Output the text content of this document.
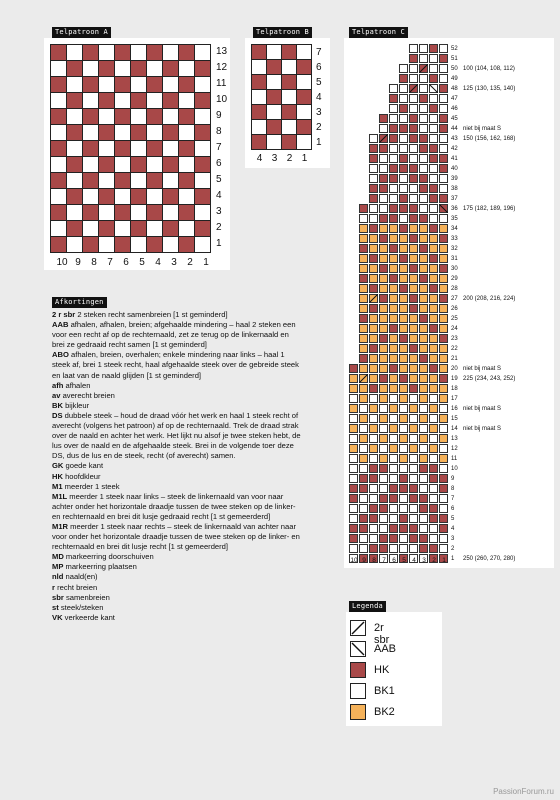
Telpatroon A
13
12
11
10
9
8
7
6
5
4
3
2
1
10 9	8	7	6	5	4	3	2	1
Telpatroon B
7
6
5
4
3
2
1
4 3 2 1
Telpatroon C
52
51
50
49
48
47
46
45
44
43
42
41
40
39
38
37
36
35
34
33
32
31
30
29
28
27
26
25
24
23
22
21
20
19
18
17
16
15
14
13
12
11
10
9
8
7
6
5
4
3
2
1
100 (104, 108, 112)
125 (130, 135, 140)
niet bij maat S
150 (156, 162, 168)
175 (182, 189, 196)
200 (208, 216, 224)
niet bij maat S
225 (234, 243, 252)
niet bij maat S
niet bij maat S
250 (260, 270, 280)
10 9 8 7 6 5 4 3 2 1
Afkortingen

2 r sbr 2 steken recht samenbreien [1 st geminderd]

AAB afhalen, afhalen, breien; afgehaalde mindering – haal 2 steken een voor een recht af op de rechternaald, zet ze terug op de linkernaald en brei ze gedraaid recht samen [1 st geminderd]

ABO afhalen, breien, overhalen; enkele mindering naar links – haal 1 steek af, brei 1 steek recht, haal afgehaalde steek over de gebreide steek en laat van de naald glijden [1 st geminderd]

afh afhalen

av averecht breien

BK bijkleur

DS dubbele steek – houd de draad vóór het werk en haal 1 steek recht of averecht (volgens het patroon) af op de rechternaald. Trek de draad strak over de naald en achter het werk. Het lijkt nu alsof je twee steken hebt, de lus over de naald en de afgehaalde steek. Brei in de volgende toer deze DS, dus de lus en de steek, recht (of averecht) samen.

GK goede kant

HK hoofdkleur

M1 meerder 1 steek

M1L meerder 1 steek naar links – steek de linkernaald van voor naar achter onder het horizontale draadje tussen de twee steken op de linker- en rechternaald en brei dit lusje gedraaid recht [1 st gemeerderd]

M1R meerder 1 steek naar rechts – steek de linkernaald van achter naar voor onder het horizontale draadje tussen de twee steken op de linker- en rechternaald en brei dit lusje recht [1 st gemeerderd]

MD markeerring doorschuiven

MP markeerring plaatsen

nld naald(en)

r recht breien

sbr samenbreien

st steek/steken

VK verkeerde kant

Legenda
2r sbr
AAB
HK
BK1
BK2
PassionForum.ru
